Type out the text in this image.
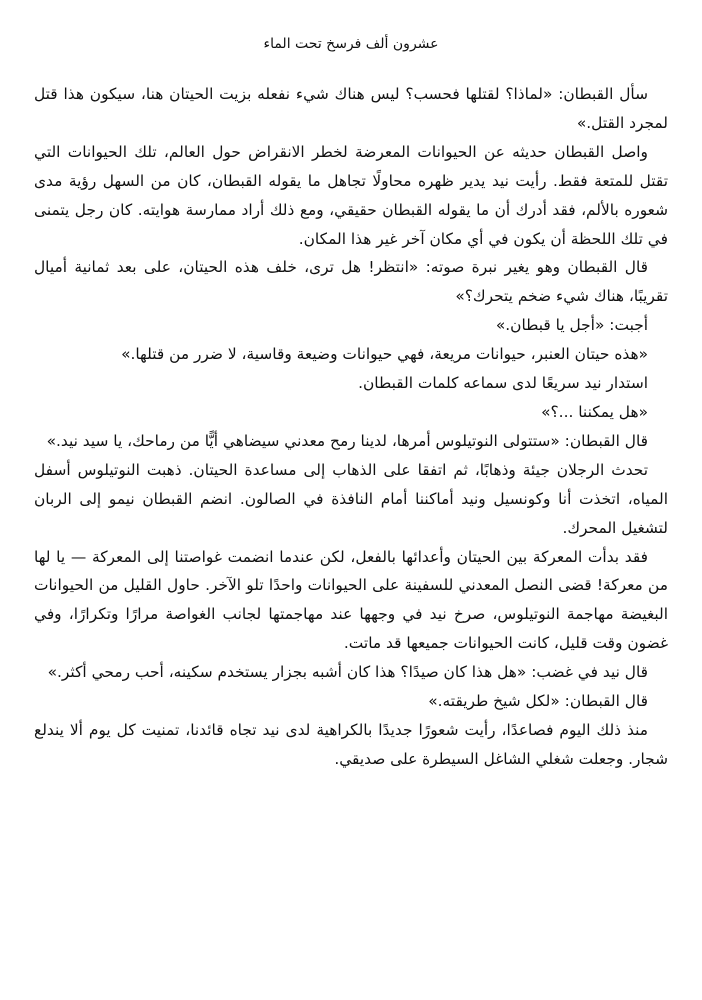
عشرون ألف فرسخ تحت الماء

سأل القبطان: «لماذا؟ لقتلها فحسب؟ ليس هناك شيء نفعله بزيت الحيتان هنا، سيكون هذا قتل لمجرد القتل.»

واصل القبطان حديثه عن الحيوانات المعرضة لخطر الانقراض حول العالم، تلك الحيوانات التي تقتل للمتعة فقط. رأيت نيد يدير ظهره محاولًا تجاهل ما يقوله القبطان، كان من السهل رؤية مدى شعوره بالألم، فقد أدرك أن ما يقوله القبطان حقيقي، ومع ذلك أراد ممارسة هوايته. كان رجل يتمنى في تلك اللحظة أن يكون في أي مكان آخر غير هذا المكان.

قال القبطان وهو يغير نبرة صوته: «انتظر! هل ترى، خلف هذه الحيتان، على بعد ثمانية أميال تقريبًا، هناك شيء ضخم يتحرك؟»

أجبت: «أجل يا قبطان.»

«هذه حيتان العنبر، حيوانات مريعة، فهي حيوانات وضيعة وقاسية، لا ضرر من قتلها.»

استدار نيد سريعًا لدى سماعه كلمات القبطان.

«هل يمكننا ...؟»

قال القبطان: «ستتولى النوتيلوس أمرها، لدينا رمح معدني سيضاهي أيًّا من رماحك، يا سيد نيد.»

تحدث الرجلان جيئة وذهابًا، ثم اتفقا على الذهاب إلى مساعدة الحيتان. ذهبت النوتيلوس أسفل المياه، اتخذت أنا وكونسيل ونيد أماكننا أمام النافذة في الصالون. انضم القبطان نيمو إلى الربان لتشغيل المحرك.

فقد بدأت المعركة بين الحيتان وأعدائها بالفعل، لكن عندما انضمت غواصتنا إلى المعركة — يا لها من معركة! قضى النصل المعدني للسفينة على الحيوانات واحدًا تلو الآخر. حاول القليل من الحيوانات البغيضة مهاجمة النوتيلوس، صرخ نيد في وجهها عند مهاجمتها لجانب الغواصة مرارًا وتكرارًا، وفي غضون وقت قليل، كانت الحيوانات جميعها قد ماتت.

قال نيد في غضب: «هل هذا كان صيدًا؟ هذا كان أشبه بجزار يستخدم سكينه، أحب رمحي أكثر.»

قال القبطان: «لكل شيخ طريقته.»

منذ ذلك اليوم فصاعدًا، رأيت شعورًا جديدًا بالكراهية لدى نيد تجاه قائدنا، تمنيت كل يوم ألا يندلع شجار. وجعلت شغلي الشاغل السيطرة على صديقي.
